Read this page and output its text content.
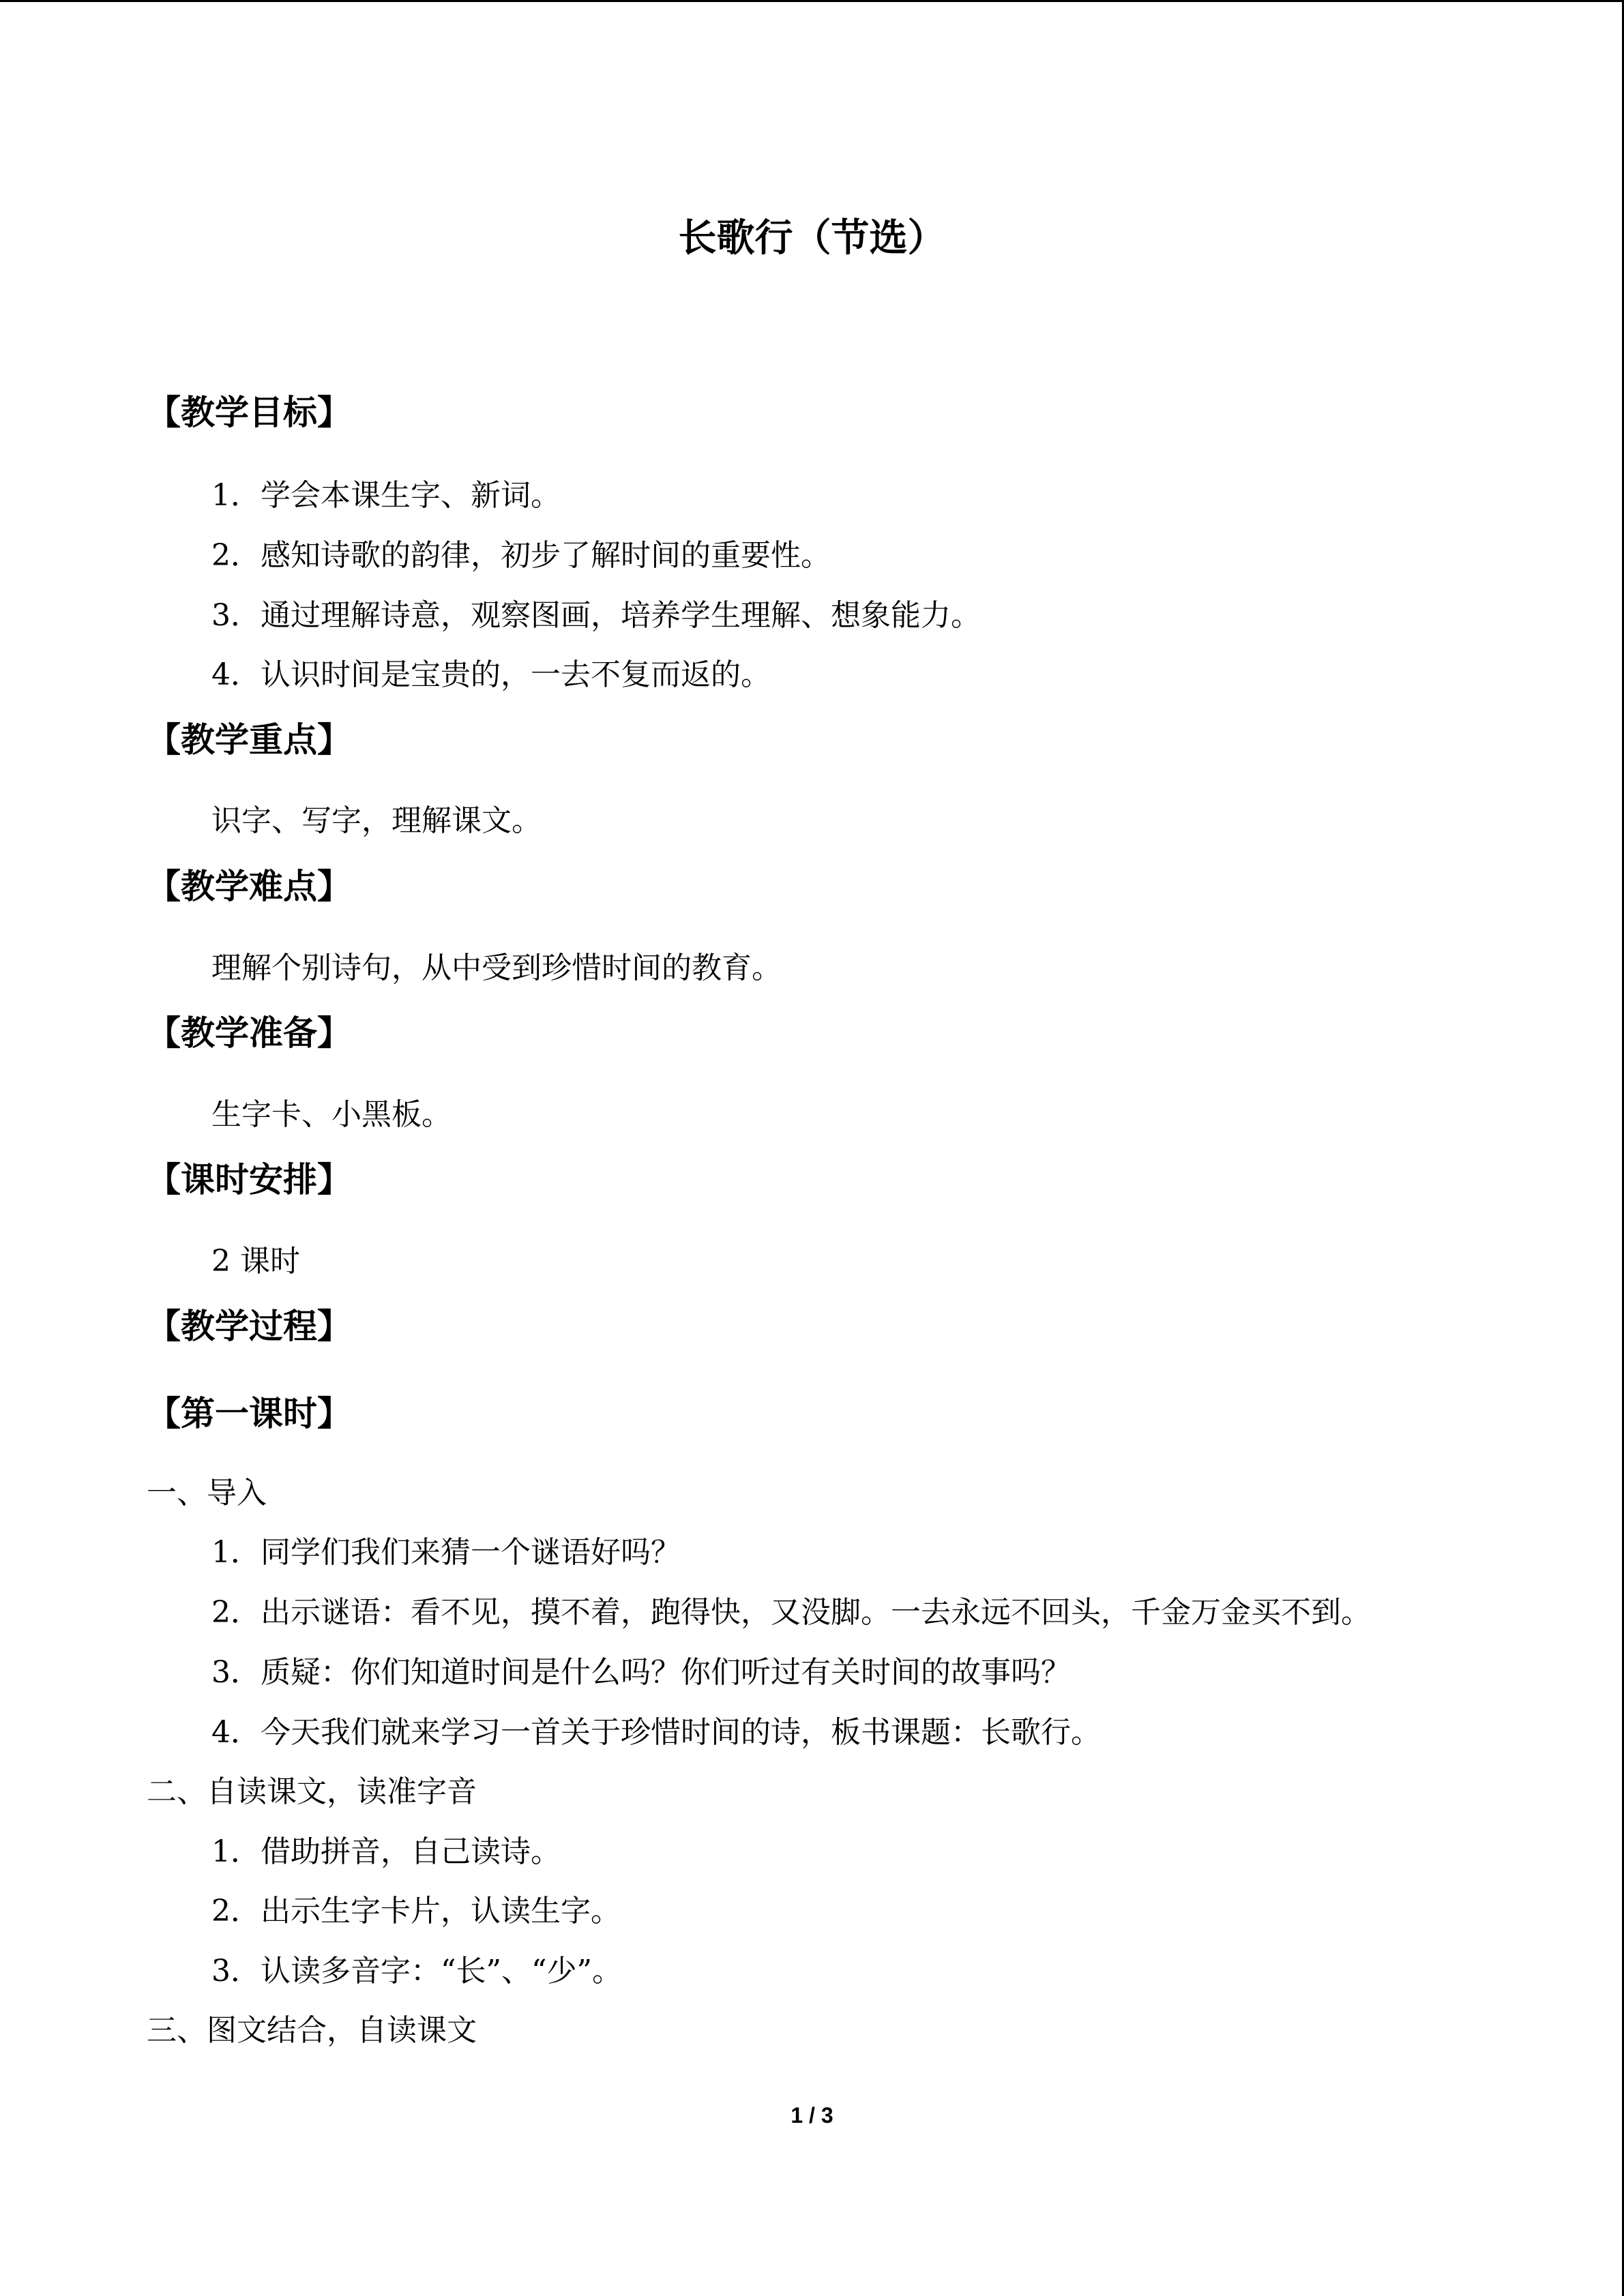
长歌行（节选）
【教学目标】
1．学会本课生字、新词。
2．感知诗歌的韵律，初步了解时间的重要性。
3．通过理解诗意，观察图画，培养学生理解、想象能力。
4．认识时间是宝贵的，一去不复而返的。
【教学重点】
识字、写字，理解课文。
【教学难点】
理解个别诗句，从中受到珍惜时间的教育。
【教学准备】
生字卡、小黑板。
【课时安排】
2 课时
【教学过程】
【第一课时】
一、导入
1．同学们我们来猜一个谜语好吗？
2．出示谜语：看不见，摸不着，跑得快，又没脚。一去永远不回头，千金万金买不到。
3．质疑：你们知道时间是什么吗？你们听过有关时间的故事吗？
4．今天我们就来学习一首关于珍惜时间的诗，板书课题：长歌行。
二、自读课文，读准字音
1．借助拼音，自己读诗。
2．出示生字卡片，认读生字。
3．认读多音字：“长”、“少”。
三、图文结合，自读课文
1 / 3
